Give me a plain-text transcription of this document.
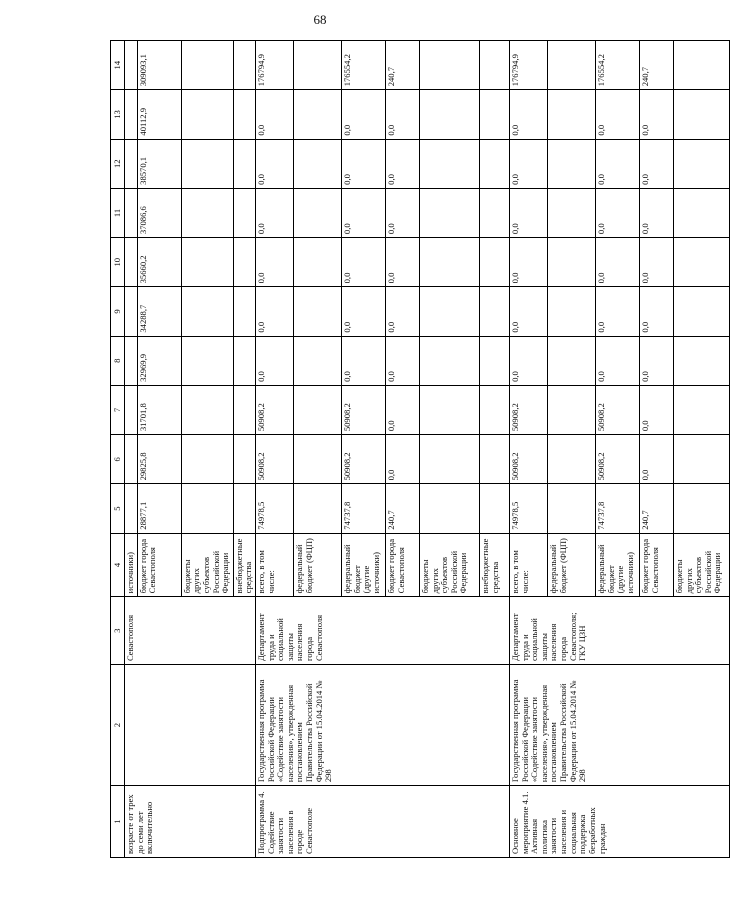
68
1	2	3	4	5	6	7	8	9	10	11	12	13	14
возрасте от трех до семи лет включительно		Севастополя	источники)										
			бюджет города Севастополя	28877,1	29825,8	31701,8	32969,9	34288,7	35660,2	37086,6	38570,1	40112,9	309093,1
			бюджеты других субъектов Российской Федерации										
			внебюджетные средства										
Подпрограмма 4. Содействие занятости населения в городе Севастополе	Государственная программа Российской Федерации «Содействие занятости населения», утвержденная постановлением Правительства Российской Федерации от 15.04.2014 № 298	Департамент труда и социальной защиты населения города Севастополя	всего, в том числе:	74978,5	50908,2	50908,2	0,0	0,0	0,0	0,0	0,0	0,0	176794,9
			федеральный бюджет (ФЦП)										
			федеральный бюджет (другие источники)	74737,8	50908,2	50908,2	0,0	0,0	0,0	0,0	0,0	0,0	176554,2
			бюджет города Севастополя	240,7	0,0	0,0	0,0	0,0	0,0	0,0	0,0	0,0	240,7
			бюджеты других субъектов Российской Федерации										
			внебюджетные средства										
Основное мероприятие 4.1. Активная политика занятости населения и социальная поддержка безработных граждан	Государственная программа Российской Федерации «Содействие занятости населения», утвержденная постановлением Правительства Российской Федерации от 15.04.2014 № 298	Департамент труда и социальной защиты населения города Севастополя; ГКУ ЦЗН	всего, в том числе:	74978,5	50908,2	50908,2	0,0	0,0	0,0	0,0	0,0	0,0	176794,9
			федеральный бюджет (ФЦП)										
			федеральный бюджет (другие источники)	74737,8	50908,2	50908,2	0,0	0,0	0,0	0,0	0,0	0,0	176554,2
			бюджет города Севастополя	240,7	0,0	0,0	0,0	0,0	0,0	0,0	0,0	0,0	240,7
			бюджеты других субъектов Российской Федерации										
